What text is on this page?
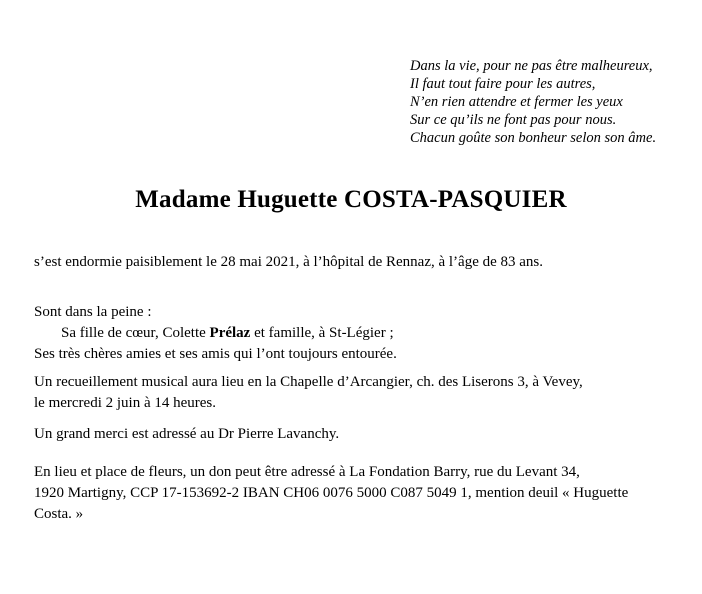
Dans la vie, pour ne pas être malheureux,
Il faut tout faire pour les autres,
N’en rien attendre et fermer les yeux
Sur ce qu’ils ne font pas pour nous.
Chacun goûte son bonheur selon son âme.
Madame Huguette COSTA-PASQUIER
s’est endormie paisiblement le 28 mai 2021, à l’hôpital de Rennaz, à l’âge de 83 ans.
Sont dans la peine :
Sa fille de cœur, Colette Prélaz et famille, à St-Légier ;
Ses très chères amies et ses amis qui l’ont toujours entourée.
Un recueillement musical aura lieu en la Chapelle d’Arcangier, ch. des Liserons 3, à Vevey,
le mercredi 2 juin à 14 heures.
Un grand merci est adressé au Dr Pierre Lavanchy.
En lieu et place de fleurs, un don peut être adressé à La Fondation Barry, rue du Levant 34,
1920 Martigny, CCP 17-153692-2 IBAN CH06 0076 5000 C087 5049 1, mention deuil « Huguette
Costa. »
